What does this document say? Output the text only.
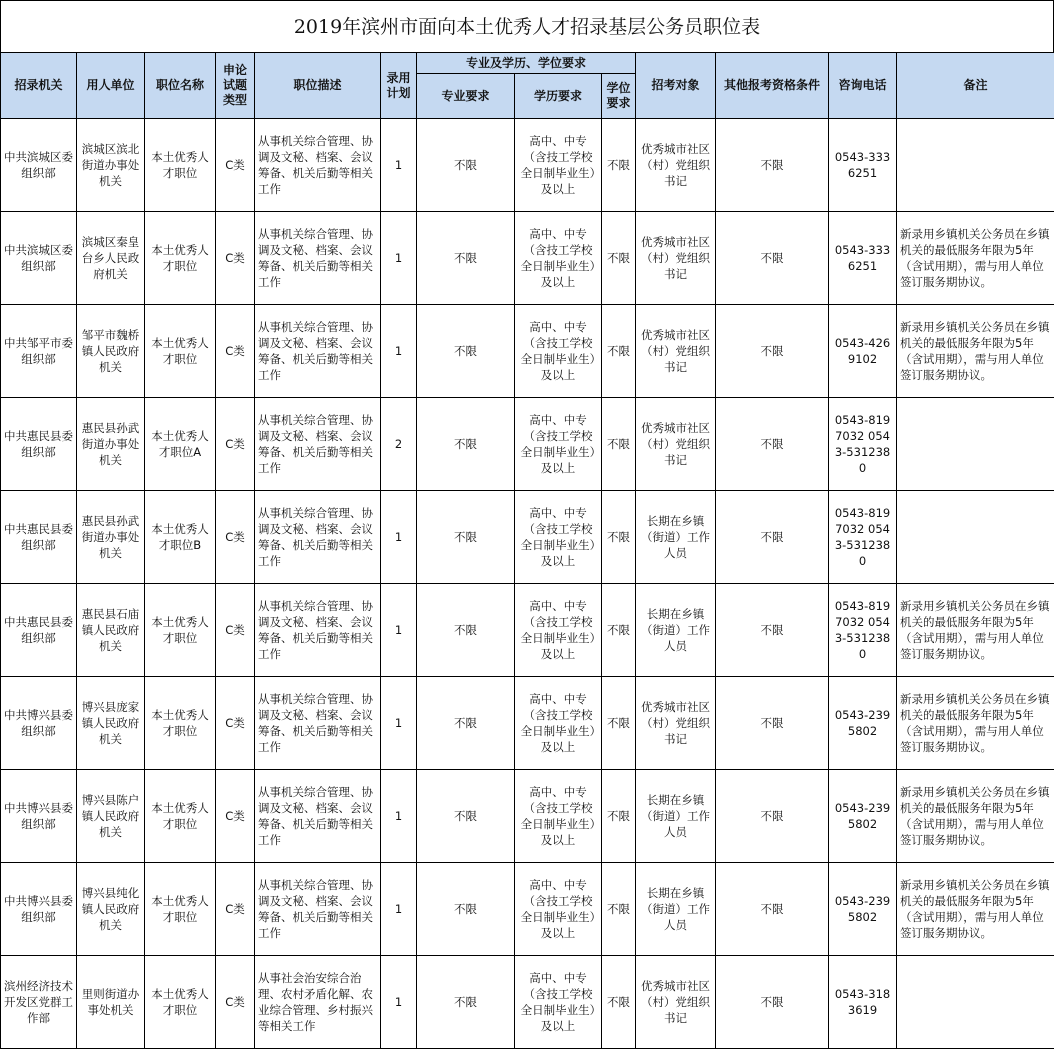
2019年滨州市面向本土优秀人才招录基层公务员职位表
招录机关	用人单位	职位名称	申论试题类型	职位描述	录用计划	专业及学历、学位要求			招考对象	其他报考资格条件	咨询电话	备注
						专业要求	学历要求	学位要求				
中共滨城区委组织部	滨城区滨北街道办事处机关	本土优秀人才职位	C类	从事机关综合管理、协调及文秘、档案、会议筹备、机关后勤等相关工作	1	不限	高中、中专（含技工学校全日制毕业生）及以上	不限	优秀城市社区（村）党组织书记	不限	0543-3336251	
中共滨城区委组织部	滨城区秦皇台乡人民政府机关	本土优秀人才职位	C类	从事机关综合管理、协调及文秘、档案、会议筹备、机关后勤等相关工作	1	不限	高中、中专（含技工学校全日制毕业生）及以上	不限	优秀城市社区（村）党组织书记	不限	0543-3336251	新录用乡镇机关公务员在乡镇机关的最低服务年限为5年（含试用期），需与用人单位签订服务期协议。
中共邹平市委组织部	邹平市魏桥镇人民政府机关	本土优秀人才职位	C类	从事机关综合管理、协调及文秘、档案、会议筹备、机关后勤等相关工作	1	不限	高中、中专（含技工学校全日制毕业生）及以上	不限	优秀城市社区（村）党组织书记	不限	0543-4269102	新录用乡镇机关公务员在乡镇机关的最低服务年限为5年（含试用期），需与用人单位签订服务期协议。
中共惠民县委组织部	惠民县孙武街道办事处机关	本土优秀人才职位A	C类	从事机关综合管理、协调及文秘、档案、会议筹备、机关后勤等相关工作	2	不限	高中、中专（含技工学校全日制毕业生）及以上	不限	优秀城市社区（村）党组织书记	不限	0543-8197032 0543-5312380	
中共惠民县委组织部	惠民县孙武街道办事处机关	本土优秀人才职位B	C类	从事机关综合管理、协调及文秘、档案、会议筹备、机关后勤等相关工作	1	不限	高中、中专（含技工学校全日制毕业生）及以上	不限	长期在乡镇（街道）工作人员	不限	0543-8197032 0543-5312380	
中共惠民县委组织部	惠民县石庙镇人民政府机关	本土优秀人才职位	C类	从事机关综合管理、协调及文秘、档案、会议筹备、机关后勤等相关工作	1	不限	高中、中专（含技工学校全日制毕业生）及以上	不限	长期在乡镇（街道）工作人员	不限	0543-8197032 0543-5312380	新录用乡镇机关公务员在乡镇机关的最低服务年限为5年（含试用期），需与用人单位签订服务期协议。
中共博兴县委组织部	博兴县庞家镇人民政府机关	本土优秀人才职位	C类	从事机关综合管理、协调及文秘、档案、会议筹备、机关后勤等相关工作	1	不限	高中、中专（含技工学校全日制毕业生）及以上	不限	优秀城市社区（村）党组织书记	不限	0543-2395802	新录用乡镇机关公务员在乡镇机关的最低服务年限为5年（含试用期），需与用人单位签订服务期协议。
中共博兴县委组织部	博兴县陈户镇人民政府机关	本土优秀人才职位	C类	从事机关综合管理、协调及文秘、档案、会议筹备、机关后勤等相关工作	1	不限	高中、中专（含技工学校全日制毕业生）及以上	不限	长期在乡镇（街道）工作人员	不限	0543-2395802	新录用乡镇机关公务员在乡镇机关的最低服务年限为5年（含试用期），需与用人单位签订服务期协议。
中共博兴县委组织部	博兴县纯化镇人民政府机关	本土优秀人才职位	C类	从事机关综合管理、协调及文秘、档案、会议筹备、机关后勤等相关工作	1	不限	高中、中专（含技工学校全日制毕业生）及以上	不限	长期在乡镇（街道）工作人员	不限	0543-2395802	新录用乡镇机关公务员在乡镇机关的最低服务年限为5年（含试用期），需与用人单位签订服务期协议。
滨州经济技术开发区党群工作部	里则街道办事处机关	本土优秀人才职位	C类	从事社会治安综合治理、农村矛盾化解、农业综合管理、乡村振兴等相关工作	1	不限	高中、中专（含技工学校全日制毕业生）及以上	不限	优秀城市社区（村）党组织书记	不限	0543-3183619	
